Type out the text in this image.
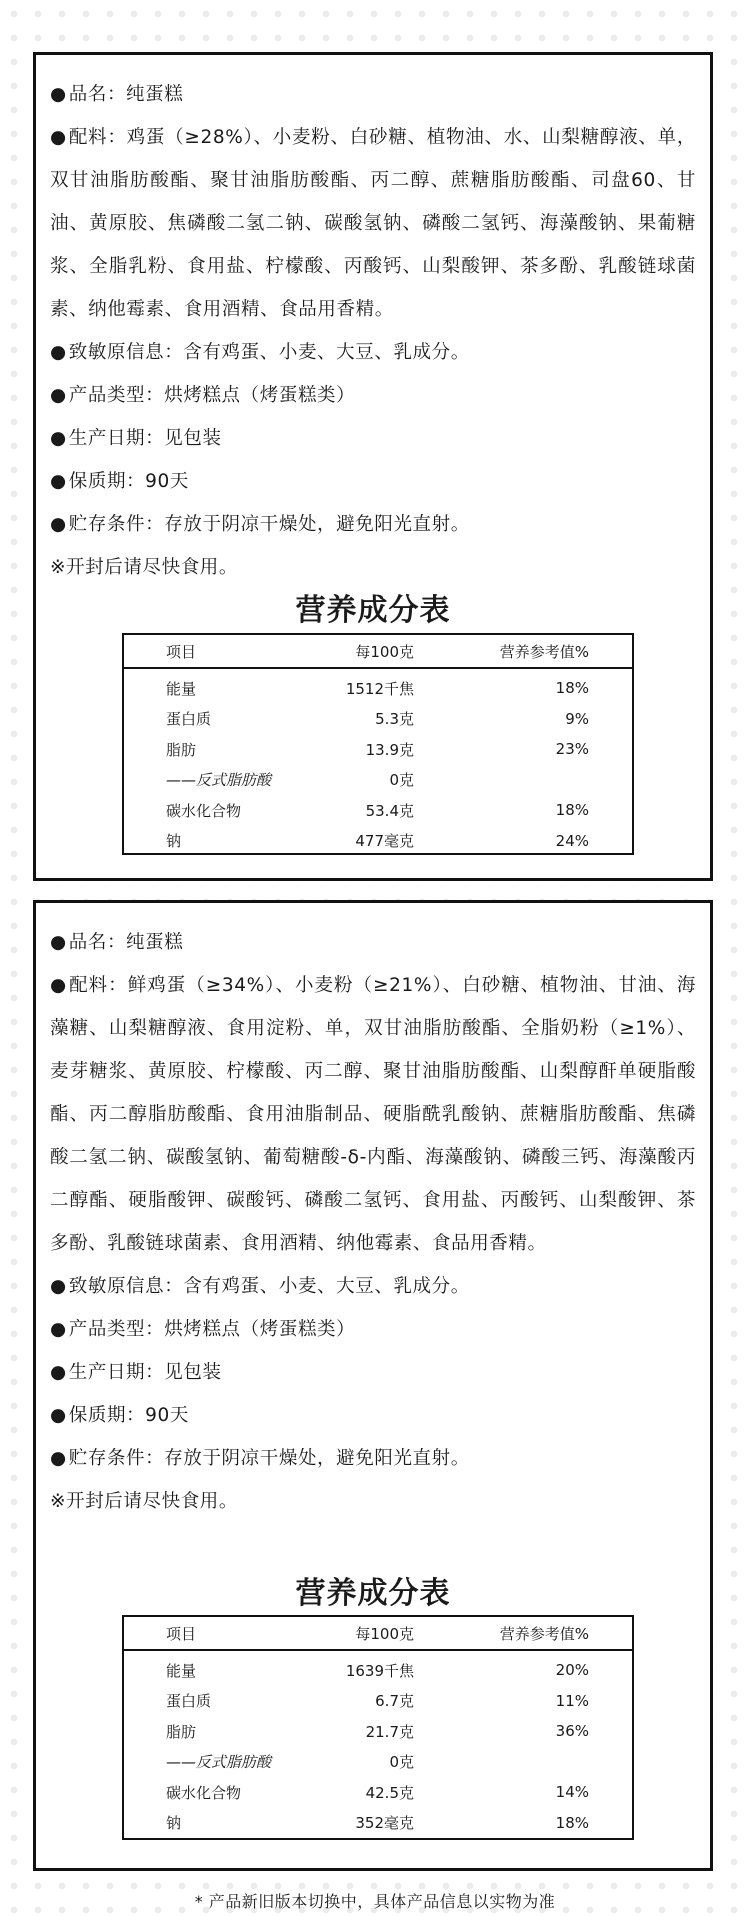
● 品名：纯蛋糕
● 配料：鸡蛋（≥28%）、小麦粉、白砂糖、植物油、水、山梨糖醇液、单，双甘油脂肪酸酯、聚甘油脂肪酸酯、丙二醇、蔗糖脂肪酸酯、司盘60、甘油、黄原胶、焦磷酸二氢二钠、碳酸氢钠、磷酸二氢钙、海藻酸钠、果葡糖浆、全脂乳粉、食用盐、柠檬酸、丙酸钙、山梨酸钾、茶多酚、乳酸链球菌素、纳他霉素、食用酒精、食品用香精。
● 致敏原信息：含有鸡蛋、小麦、大豆、乳成分。
● 产品类型：烘烤糕点（烤蛋糕类）
● 生产日期：见包装
● 保质期：90天
● 贮存条件：存放于阴凉干燥处，避免阳光直射。
※开封后请尽快食用。
营养成分表
项目	每100克	营养参考值%
能量	1512千焦	18%
蛋白质	5.3克	9%
脂肪	13.9克	23%
——反式脂肪酸	0克
碳水化合物	53.4克	18%
钠	477毫克	24%
● 品名：纯蛋糕
● 配料：鲜鸡蛋（≥34%）、小麦粉（≥21%）、白砂糖、植物油、甘油、海藻糖、山梨糖醇液、食用淀粉、单，双甘油脂肪酸酯、全脂奶粉（≥1%）、麦芽糖浆、黄原胶、柠檬酸、丙二醇、聚甘油脂肪酸酯、山梨醇酐单硬脂酸酯、丙二醇脂肪酸酯、食用油脂制品、硬脂酰乳酸钠、蔗糖脂肪酸酯、焦磷酸二氢二钠、碳酸氢钠、葡萄糖酸-δ-内酯、海藻酸钠、磷酸三钙、海藻酸丙二醇酯、硬脂酸钾、碳酸钙、磷酸二氢钙、食用盐、丙酸钙、山梨酸钾、茶多酚、乳酸链球菌素、食用酒精、纳他霉素、食品用香精。
● 致敏原信息：含有鸡蛋、小麦、大豆、乳成分。
● 产品类型：烘烤糕点（烤蛋糕类）
● 生产日期：见包装
● 保质期：90天
● 贮存条件：存放于阴凉干燥处，避免阳光直射。
※开封后请尽快食用。
营养成分表
项目	每100克	营养参考值%
能量	1639千焦	20%
蛋白质	6.7克	11%
脂肪	21.7克	36%
——反式脂肪酸	0克
碳水化合物	42.5克	14%
钠	352毫克	18%
* 产品新旧版本切换中，具体产品信息以实物为准
